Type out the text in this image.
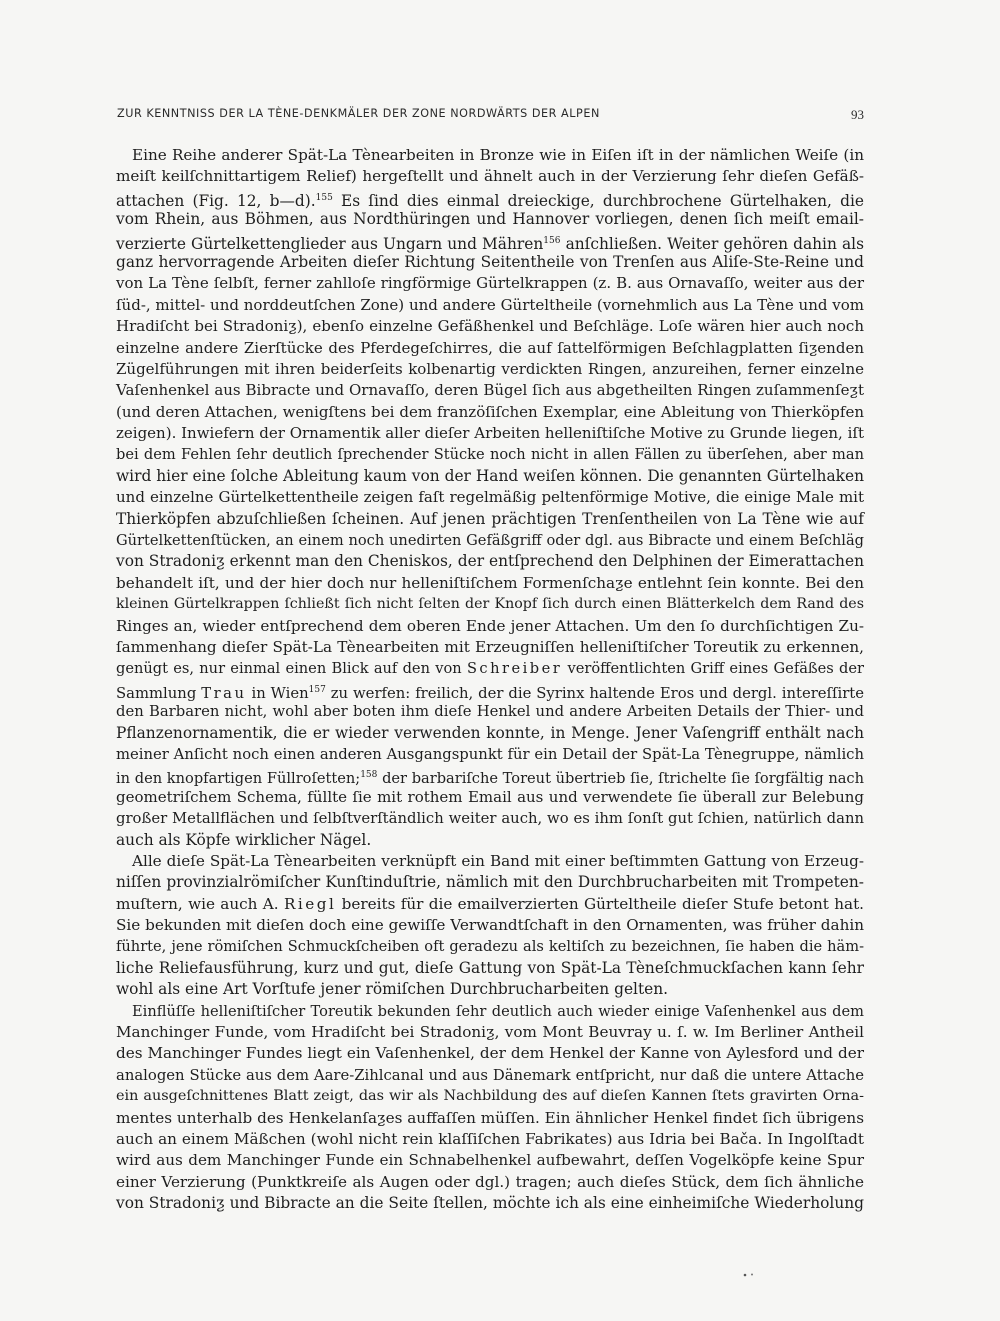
ZUR KENNTNISS DER LA TÈNE-DENKMÄLER DER ZONE NORDWÄRTS DER ALPEN	93
Eine Reihe anderer Spät-La Tènearbeiten in Bronze wie in Eiſen iſt in der nämlichen Weiſe (in
meiſt keilſchnittartigem Relief) hergeſtellt und ähnelt auch in der Verzierung ſehr dieſen Gefäß-
attachen (Fig. 12, b—d).$^{155}$ Es ſind dies einmal dreieckige, durchbrochene Gürtelhaken, die
vom Rhein, aus Böhmen, aus Nordthüringen und Hannover vorliegen, denen ſich meiſt email-
verzierte Gürtelkettenglieder aus Ungarn und Mähren$^{156}$ anſchließen. Weiter gehören dahin als
ganz hervorragende Arbeiten dieſer Richtung Seitentheile von Trenſen aus Aliſe-Ste-Reine und
von La Tène ſelbſt, ferner zahlloſe ringförmige Gürtelkrappen (z. B. aus Ornavaſſo, weiter aus der
ſüd-, mittel- und norddeutſchen Zone) und andere Gürteltheile (vornehmlich aus La Tène und vom
Hradiſcht bei Stradoniƺ), ebenſo einzelne Gefäßhenkel und Beſchläge. Loſe wären hier auch noch
einzelne andere Zierſtücke des Pferdegeſchirres, die auf ſattelförmigen Beſchlagplatten ſiƺenden
Zügelführungen mit ihren beiderſeits kolbenartig verdickten Ringen, anzureihen, ferner einzelne
Vaſenhenkel aus Bibracte und Ornavaſſo, deren Bügel ſich aus abgetheilten Ringen zuſammenſeƺt
(und deren Attachen, wenigſtens bei dem franzöſiſchen Exemplar, eine Ableitung von Thierköpfen
zeigen). Inwiefern der Ornamentik aller dieſer Arbeiten helleniſtiſche Motive zu Grunde liegen, iſt
bei dem Fehlen ſehr deutlich ſprechender Stücke noch nicht in allen Fällen zu überſehen, aber man
wird hier eine ſolche Ableitung kaum von der Hand weiſen können. Die genannten Gürtelhaken
und einzelne Gürtelkettentheile zeigen faſt regelmäßig peltenförmige Motive, die einige Male mit
Thierköpfen abzuſchließen ſcheinen. Auf jenen prächtigen Trenſentheilen von La Tène wie auf
Gürtelkettenſtücken, an einem noch unedirten Gefäßgriff oder dgl. aus Bibracte und einem Beſchläg
von Stradoniƺ erkennt man den Cheniskos, der entſprechend den Delphinen der Eimerattachen
behandelt iſt, und der hier doch nur helleniſtiſchem Formenſchaƺe entlehnt ſein konnte. Bei den
kleinen Gürtelkrappen ſchließt ſich nicht ſelten der Knopf ſich durch einen Blätterkelch dem Rand des
Ringes an, wieder entſprechend dem oberen Ende jener Attachen. Um den ſo durchſichtigen Zu-
ſammenhang dieſer Spät-La Tènearbeiten mit Erzeugniſſen helleniſtiſcher Toreutik zu erkennen,
genügt es, nur einmal einen Blick auf den von Schreiber veröffentlichten Griff eines Gefäßes der
Sammlung Trau in Wien$^{157}$ zu werfen: freilich, der die Syrinx haltende Eros und dergl. intereſſirte
den Barbaren nicht, wohl aber boten ihm dieſe Henkel und andere Arbeiten Details der Thier- und
Pflanzenornamentik, die er wieder verwenden konnte, in Menge. Jener Vaſengriff enthält nach
meiner Anſicht noch einen anderen Ausgangspunkt für ein Detail der Spät-La Tènegruppe, nämlich
in den knopfartigen Füllroſetten;$^{158}$ der barbariſche Toreut übertrieb ſie, ſtrichelte ſie ſorgfältig nach
geometriſchem Schema, füllte ſie mit rothem Email aus und verwendete ſie überall zur Belebung
großer Metallflächen und ſelbſtverſtändlich weiter auch, wo es ihm ſonſt gut ſchien, natürlich dann
auch als Köpfe wirklicher Nägel.
Alle dieſe Spät-La Tènearbeiten verknüpft ein Band mit einer beſtimmten Gattung von Erzeug-
niſſen provinzialrömiſcher Kunſtinduſtrie, nämlich mit den Durchbrucharbeiten mit Trompeten-
muſtern, wie auch A. Riegl bereits für die emailverzierten Gürteltheile dieſer Stufe betont hat.
Sie bekunden mit dieſen doch eine gewiſſe Verwandtſchaft in den Ornamenten, was früher dahin
führte, jene römiſchen Schmuckſcheiben oft geradezu als keltiſch zu bezeichnen, ſie haben die häm-
liche Reliefausführung, kurz und gut, dieſe Gattung von Spät-La Tèneſchmuckſachen kann ſehr
wohl als eine Art Vorſtufe jener römiſchen Durchbrucharbeiten gelten.
Einflüſſe helleniſtiſcher Toreutik bekunden ſehr deutlich auch wieder einige Vaſenhenkel aus dem
Manchinger Funde, vom Hradiſcht bei Stradoniƺ, vom Mont Beuvray u. ſ. w. Im Berliner Antheil
des Manchinger Fundes liegt ein Vaſenhenkel, der dem Henkel der Kanne von Aylesford und der
analogen Stücke aus dem Aare-Zihlcanal und aus Dänemark entſpricht, nur daß die untere Attache
ein ausgeſchnittenes Blatt zeigt, das wir als Nachbildung des auf dieſen Kannen ſtets gravirten Orna-
mentes unterhalb des Henkelanſaƺes auffaſſen müſſen. Ein ähnlicher Henkel findet ſich übrigens
auch an einem Mäßchen (wohl nicht rein klaſſiſchen Fabrikates) aus Idria bei Bača. In Ingolſtadt
wird aus dem Manchinger Funde ein Schnabelhenkel aufbewahrt, deſſen Vogelköpfe keine Spur
einer Verzierung (Punktkreiſe als Augen oder dgl.) tragen; auch dieſes Stück, dem ſich ähnliche
von Stradoniƺ und Bibracte an die Seite ſtellen, möchte ich als eine einheimiſche Wiederholung
